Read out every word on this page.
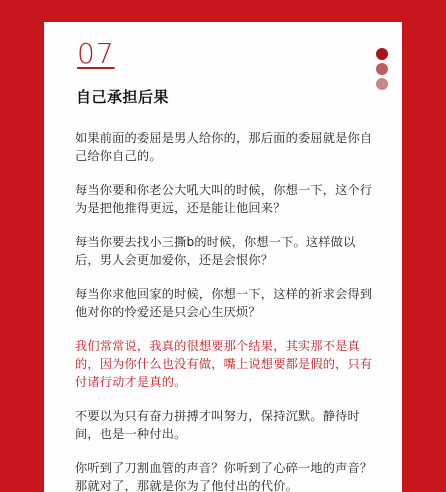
07
自己承担后果

如果前面的委屈是男人给你的，那后面的委屈就是你自己给你自己的。

每当你要和你老公大吼大叫的时候，你想一下，这个行为是把他推得更远，还是能让他回来？

每当你要去找小三撕b的时候，你想一下。这样做以后，男人会更加爱你，还是会恨你？

每当你求他回家的时候，你想一下，这样的祈求会得到他对你的怜爱还是只会心生厌烦？

我们常常说，我真的很想要那个结果，其实那不是真的，因为你什么也没有做，嘴上说想要都是假的，只有付诸行动才是真的。

不要以为只有奋力拼搏才叫努力，保持沉默。静待时间，也是一种付出。

你听到了刀割血管的声音？你听到了心碎一地的声音？那就对了，那就是你为了他付出的代价。
